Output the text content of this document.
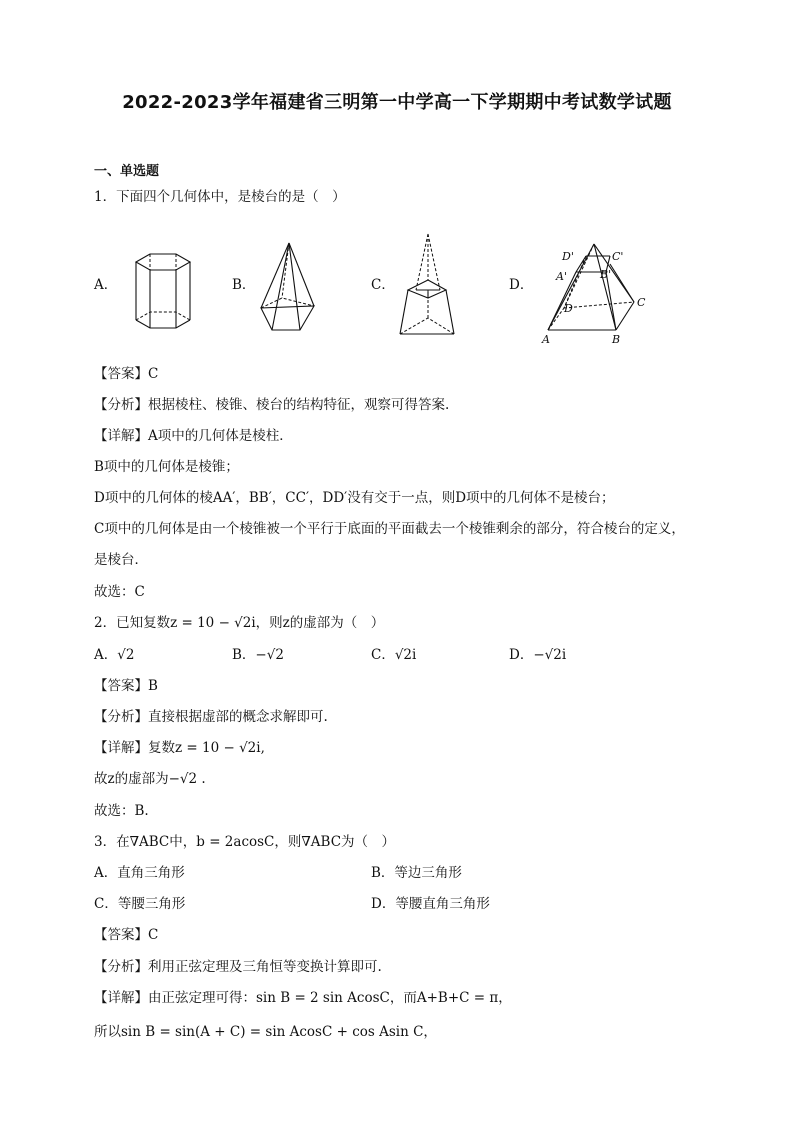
2022-2023学年福建省三明第一中学高一下学期期中考试数学试题
一、单选题
1．下面四个几何体中，是棱台的是（　）
A．	B．	C．	D．
D'	C'
A'	B'
D	C
A	B
【答案】C
【分析】根据棱柱、棱锥、棱台的结构特征，观察可得答案.
【详解】A项中的几何体是棱柱．
B项中的几何体是棱锥；
D项中的几何体的棱AA′，BB′，CC′，DD′没有交于一点，则D项中的几何体不是棱台；
C项中的几何体是由一个棱锥被一个平行于底面的平面截去一个棱锥剩余的部分，符合棱台的定义，
是棱台．
故选：C
2．已知复数z = 10 − √2i，则z的虚部为（　）
A．√2	B．−√2	C．√2i	D．−√2i
【答案】B
【分析】直接根据虚部的概念求解即可.
【详解】复数z = 10 − √2i,
故z的虚部为−√2 .
故选：B.
3．在∇ABC中，b = 2acosC，则∇ABC为（　）
A．直角三角形	B．等边三角形
C．等腰三角形	D．等腰直角三角形
【答案】C
【分析】利用正弦定理及三角恒等变换计算即可.
【详解】由正弦定理可得：sin B = 2 sin AcosC，而A+B+C = π，
所以sin B = sin(A + C) = sin AcosC + cos Asin C，
